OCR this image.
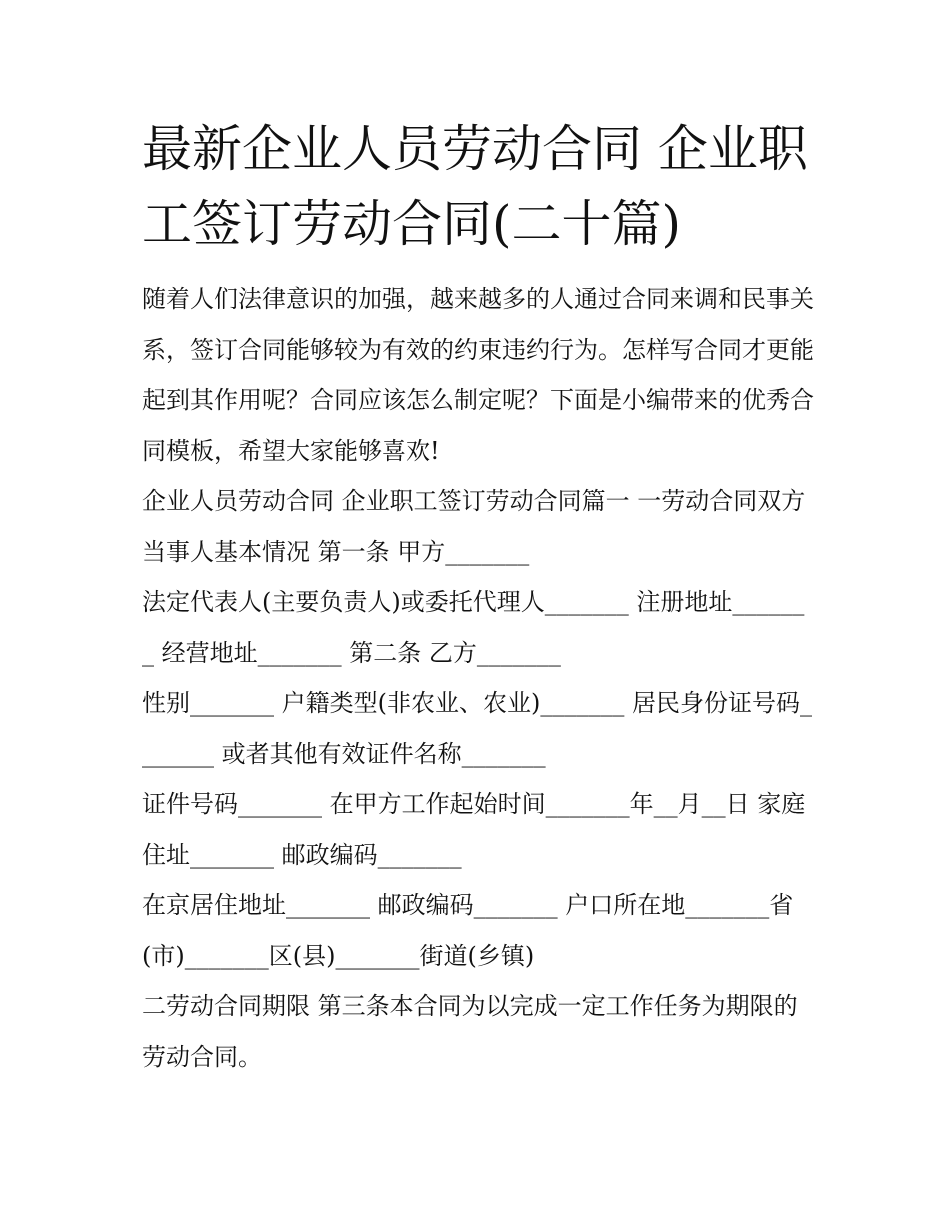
最新企业人员劳动合同 企业职工签订劳动合同(二十篇)

随着人们法律意识的加强，越来越多的人通过合同来调和民事关系，签订合同能够较为有效的约束违约行为。怎样写合同才更能起到其作用呢？合同应该怎么制定呢？下面是小编带来的优秀合同模板，希望大家能够喜欢!

企业人员劳动合同 企业职工签订劳动合同篇一 一劳动合同双方当事人基本情况 第一条 甲方_______

法定代表人(主要负责人)或委托代理人_______ 注册地址_______ 经营地址_______ 第二条 乙方_______

性别_______ 户籍类型(非农业、农业)_______ 居民身份证号码_______ 或者其他有效证件名称_______

证件号码_______ 在甲方工作起始时间_______年__月__日 家庭住址_______ 邮政编码_______

在京居住地址_______ 邮政编码_______ 户口所在地_______省(市)_______区(县)_______街道(乡镇)

二劳动合同期限 第三条本合同为以完成一定工作任务为期限的劳动合同。
